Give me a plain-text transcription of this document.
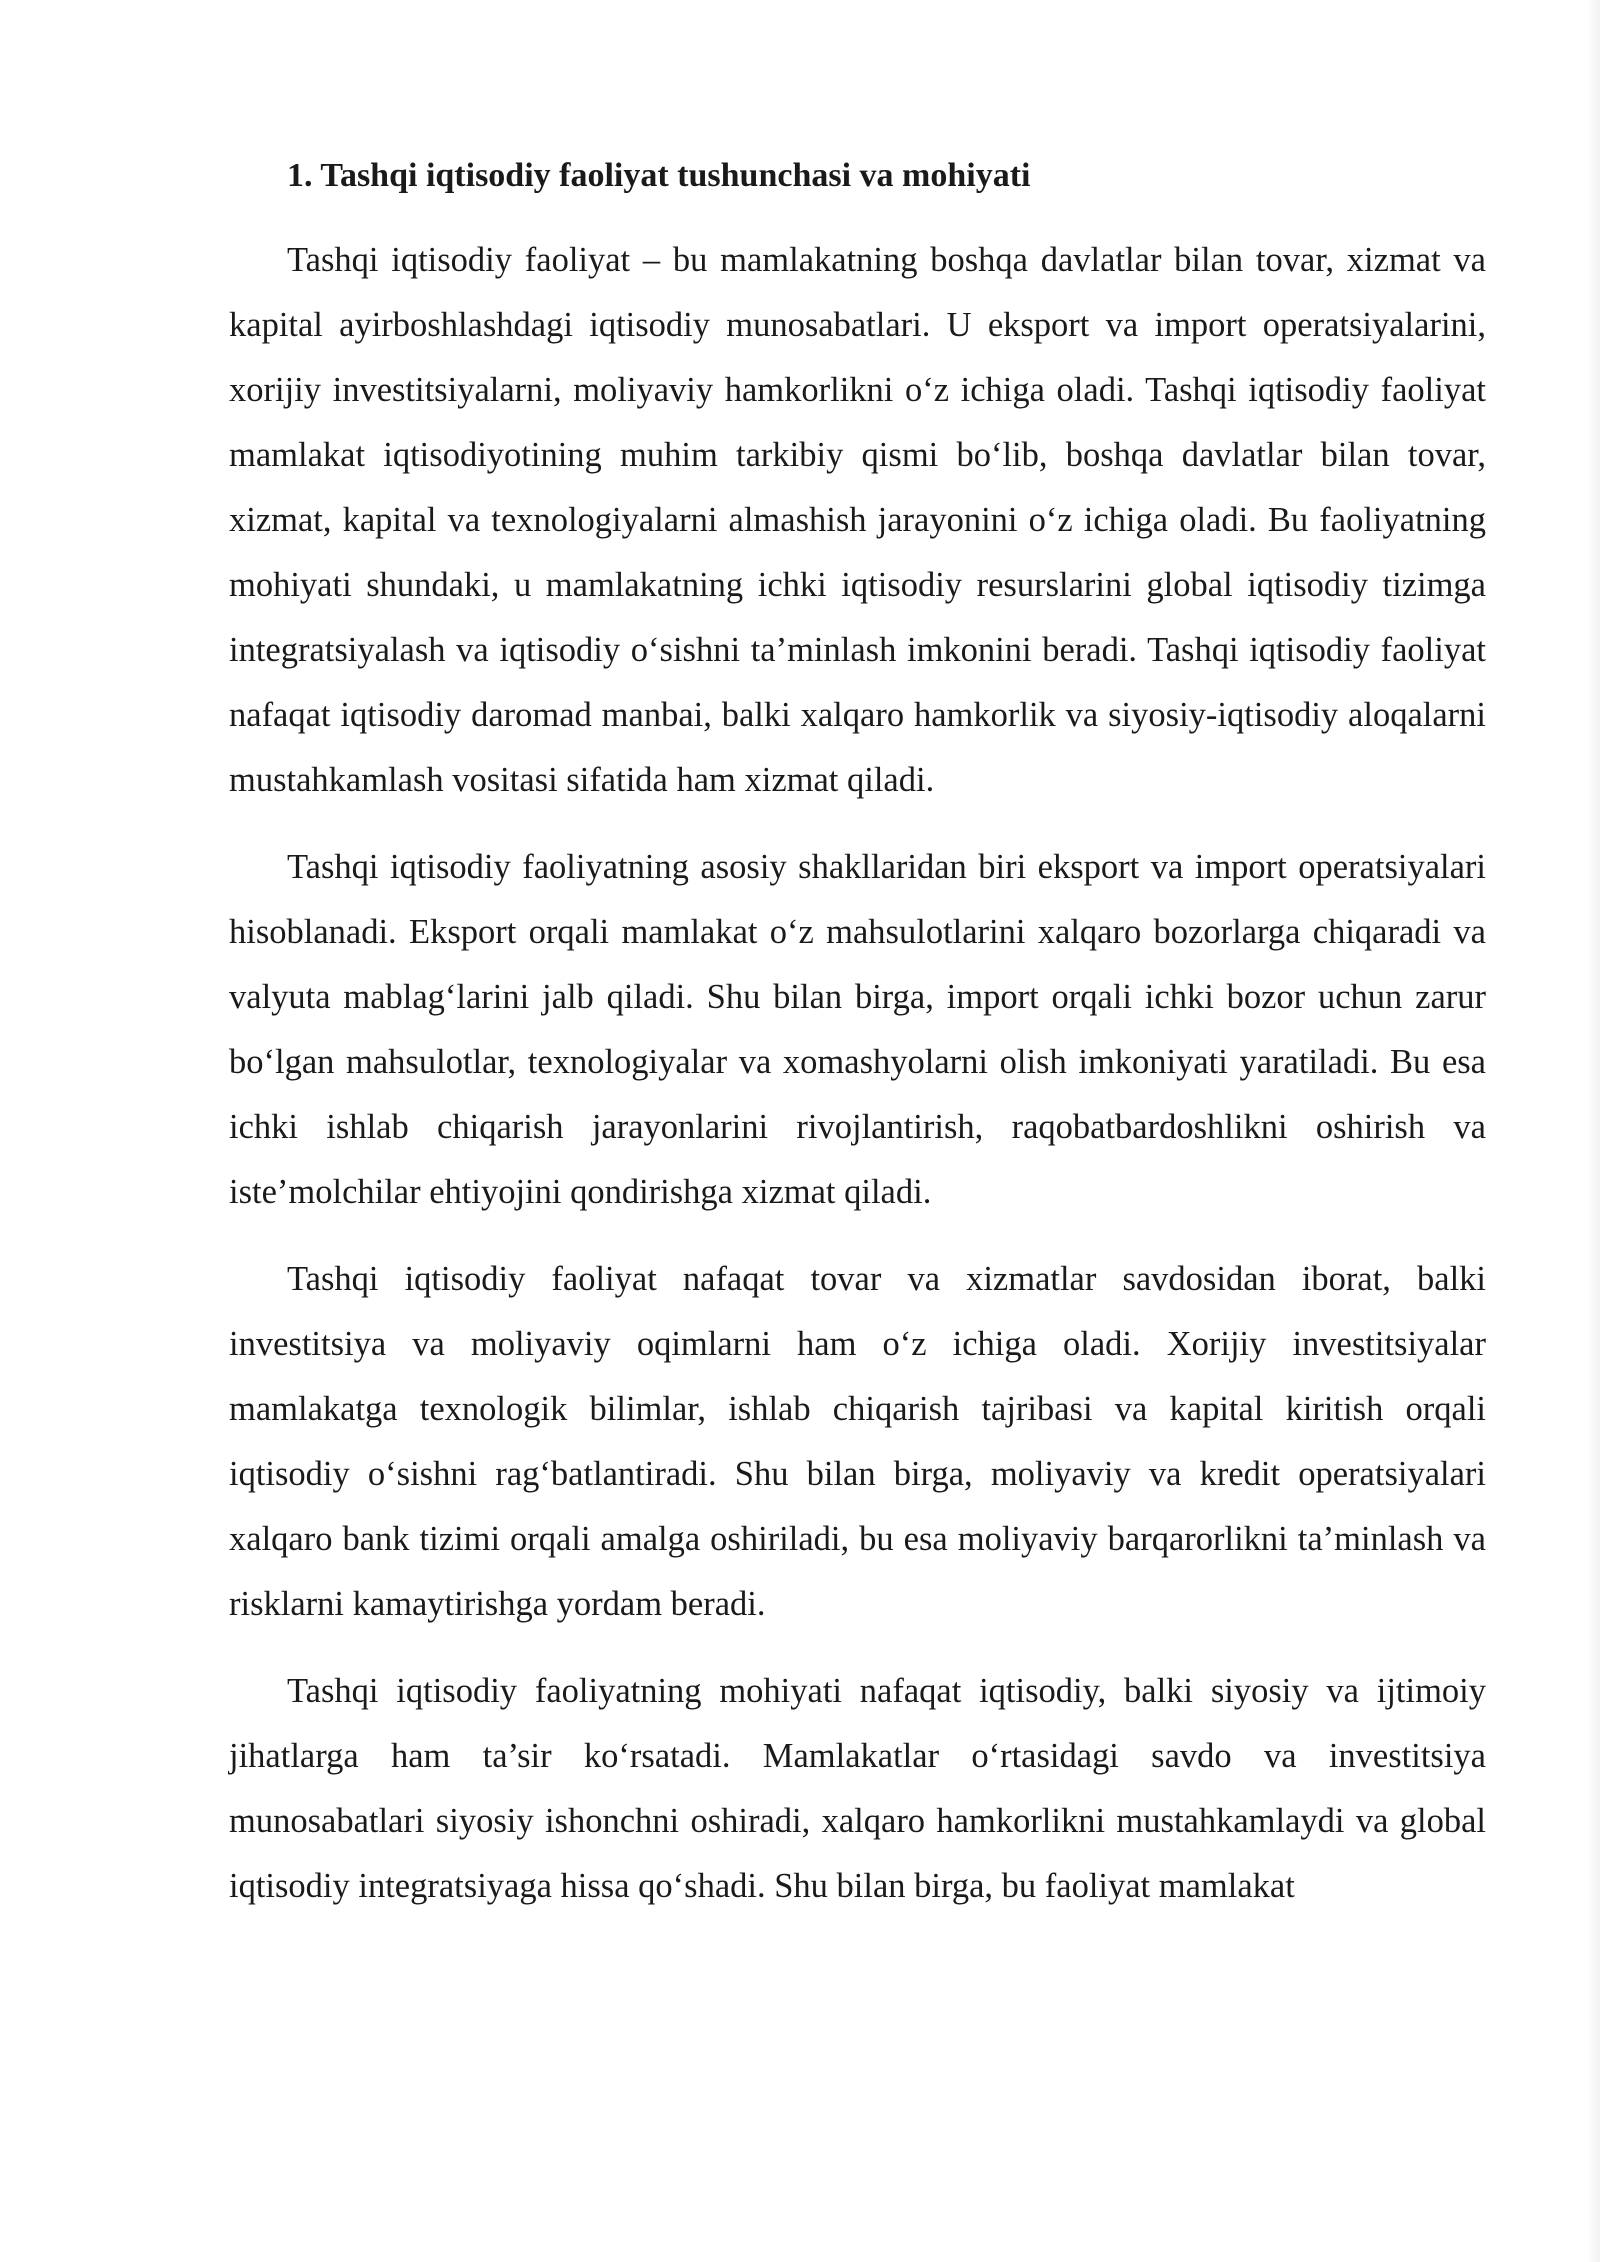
1. Tashqi iqtisodiy faoliyat tushunchasi va mohiyati

Tashqi iqtisodiy faoliyat – bu mamlakatning boshqa davlatlar bilan tovar, xizmat va kapital ayirboshlashdagi iqtisodiy munosabatlari. U eksport va import operatsiyalarini, xorijiy investitsiyalarni, moliyaviy hamkorlikni o‘z ichiga oladi. Tashqi iqtisodiy faoliyat mamlakat iqtisodiyotining muhim tarkibiy qismi bo‘lib, boshqa davlatlar bilan tovar, xizmat, kapital va texnologiyalarni almashish jarayonini o‘z ichiga oladi. Bu faoliyatning mohiyati shundaki, u mamlakatning ichki iqtisodiy resurslarini global iqtisodiy tizimga integratsiyalash va iqtisodiy o‘sishni ta’minlash imkonini beradi. Tashqi iqtisodiy faoliyat nafaqat iqtisodiy daromad manbai, balki xalqaro hamkorlik va siyosiy-iqtisodiy aloqalarni mustahkamlash vositasi sifatida ham xizmat qiladi.

Tashqi iqtisodiy faoliyatning asosiy shakllaridan biri eksport va import operatsiyalari hisoblanadi. Eksport orqali mamlakat o‘z mahsulotlarini xalqaro bozorlarga chiqaradi va valyuta mablag‘larini jalb qiladi. Shu bilan birga, import orqali ichki bozor uchun zarur bo‘lgan mahsulotlar, texnologiyalar va xomashyolarni olish imkoniyati yaratiladi. Bu esa ichki ishlab chiqarish jarayonlarini rivojlantirish, raqobatbardoshlikni oshirish va iste’molchilar ehtiyojini qondirishga xizmat qiladi.

Tashqi iqtisodiy faoliyat nafaqat tovar va xizmatlar savdosidan iborat, balki investitsiya va moliyaviy oqimlarni ham o‘z ichiga oladi. Xorijiy investitsiyalar mamlakatga texnologik bilimlar, ishlab chiqarish tajribasi va kapital kiritish orqali iqtisodiy o‘sishni rag‘batlantiradi. Shu bilan birga, moliyaviy va kredit operatsiyalari xalqaro bank tizimi orqali amalga oshiriladi, bu esa moliyaviy barqarorlikni ta’minlash va risklarni kamaytirishga yordam beradi.

Tashqi iqtisodiy faoliyatning mohiyati nafaqat iqtisodiy, balki siyosiy va ijtimoiy jihatlarga ham ta’sir ko‘rsatadi. Mamlakatlar o‘rtasidagi savdo va investitsiya munosabatlari siyosiy ishonchni oshiradi, xalqaro hamkorlikni mustahkamlaydi va global iqtisodiy integratsiyaga hissa qo‘shadi. Shu bilan birga, bu faoliyat mamlakat
